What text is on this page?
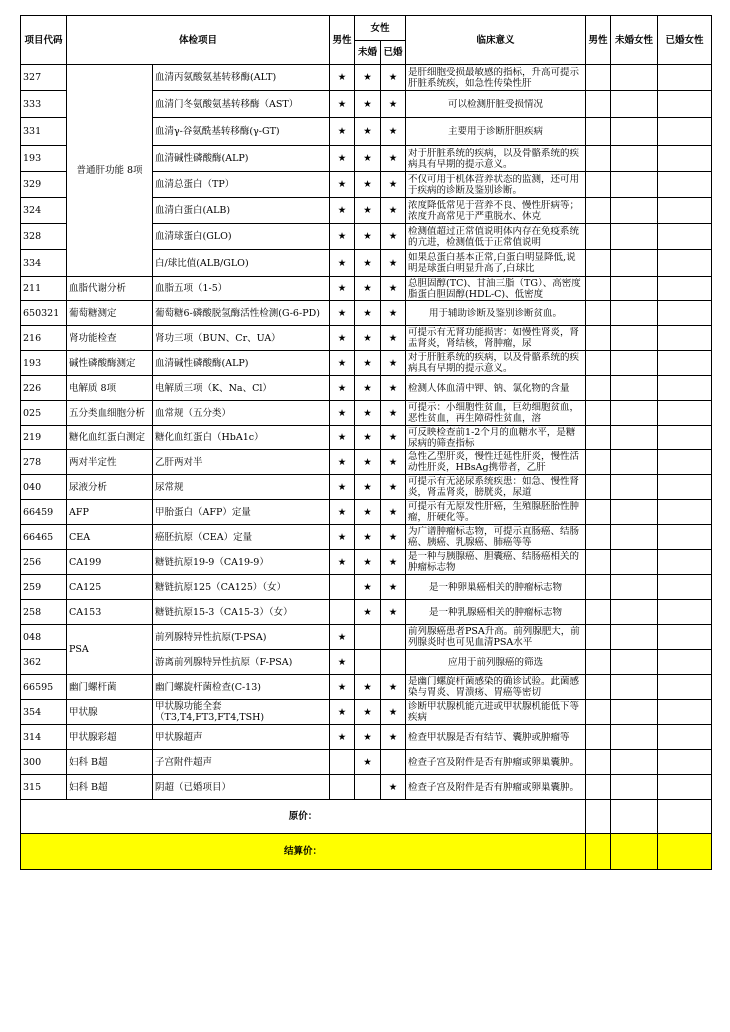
项目代码	体检项目		男性	女性		临床意义	男性	未婚女性	已婚女性
				未婚	已婚				
327	普通肝功能 8项	血清丙氨酸氨基转移酶(ALT)	★	★	★	是肝细胞受损最敏感的指标，升高可提示肝脏系统疾，如急性传染性肝			

333		血清门冬氨酸氨基转移酶（AST）	★	★	★	可以检测肝脏受损情况			

331		血清γ-谷氨酰基转移酶(γ-GT)	★	★	★	主要用于诊断肝胆疾病			

193		血清碱性磷酸酶(ALP)	★	★	★	对于肝脏系统的疾病，以及骨骼系统的疾病具有早期的提示意义。			

329		血清总蛋白（TP）	★	★	★	不仅可用于机体营养状态的监测，还可用于疾病的诊断及鉴别诊断。			

324		血清白蛋白(ALB)	★	★	★	浓度降低常见于营养不良、慢性肝病等；浓度升高常见于严重脱水、休克			

328		血清球蛋白(GLO)	★	★	★	检测值超过正常值说明体内存在免疫系统的亢进，检测值低于正常值说明			

334		白/球比值(ALB/GLO)	★	★	★	如果总蛋白基本正常,白蛋白明显降低,说明是球蛋白明显升高了,白球比			

211	血脂代谢分析	血脂五项（1-5）	★	★	★	总胆固醇(TC)、甘油三脂（TG）、高密度脂蛋白胆固醇(HDL-C)、低密度			

650321	葡萄糖测定	葡萄糖6-磷酸脱氢酶活性检测(G-6-PD)	★	★	★	用于辅助诊断及鉴别诊断贫血。			

216	肾功能检查	肾功三项（BUN、Cr、UA）	★	★	★	可提示有无肾功能损害：如慢性肾炎，肾盂肾炎，肾结核，肾肿瘤，尿			

193	碱性磷酸酶测定	血清碱性磷酸酶(ALP)	★	★	★	对于肝脏系统的疾病，以及骨骼系统的疾病具有早期的提示意义。			

226	电解质 8项	电解质三项（K、Na、Cl）	★	★	★	检测人体血清中钾、钠、氯化物的含量			

025	五分类血细胞分析	血常规（五分类）	★	★	★	可提示：小细胞性贫血，巨幼细胞贫血，恶性贫血，再生障碍性贫血，溶			

219	糖化血红蛋白测定	糖化血红蛋白（HbA1c）	★	★	★	可反映检查前1-2个月的血糖水平，是糖尿病的筛查指标			

278	两对半定性	乙肝两对半	★	★	★	急性乙型肝炎，慢性迁延性肝炎，慢性活动性肝炎，HBsAg携带者，乙肝			

040	尿液分析	尿常规	★	★	★	可提示有无泌尿系统疾患：如急、慢性肾炎，肾盂肾炎，膀胱炎，尿道			

66459	AFP	甲胎蛋白（AFP）定量	★	★	★	可提示有无原发性肝癌，生殖腺胚胎性肿瘤，肝硬化等。			

66465	CEA	癌胚抗原（CEA）定量	★	★	★	为广谱肿瘤标志物，可提示直肠癌、结肠癌、胰癌、乳腺癌、肺癌等等			

256	CA199	糖链抗原19-9（CA19-9）	★	★	★	是一种与胰腺癌、胆囊癌、结肠癌相关的肿瘤标志物			

259	CA125	糖链抗原125（CA125）（女）		★	★	是一种卵巢癌相关的肿瘤标志物			

258	CA153	糖链抗原15-3（CA15-3）（女）		★	★	是一种乳腺癌相关的肿瘤标志物			

048	PSA	前列腺特异性抗原(T-PSA)	★			前列腺癌患者PSA升高。前列腺肥大，前列腺炎时也可见血清PSA水平			

362		游离前列腺特异性抗原（F-PSA)	★			应用于前列腺癌的筛选			

66595	幽门螺杆菌	幽门螺旋杆菌检查(C-13)	★	★	★	是幽门螺旋杆菌感染的确诊试验。此菌感染与胃炎、胃溃疡、胃癌等密切			

354	甲状腺	甲状腺功能全套（T3,T4,FT3,FT4,TSH)	★	★	★	诊断甲状腺机能亢进或甲状腺机能低下等疾病			

314	甲状腺彩超	甲状腺超声	★	★	★	检查甲状腺是否有结节、囊肿或肿瘤等			

300	妇科 B超	子宫附件超声		★		检查子宫及附件是否有肿瘤或卵巢囊肿。			

315	妇科 B超	阴超（已婚项目）			★	检查子宫及附件是否有肿瘤或卵巢囊肿。			

原价：									
结算价：									
